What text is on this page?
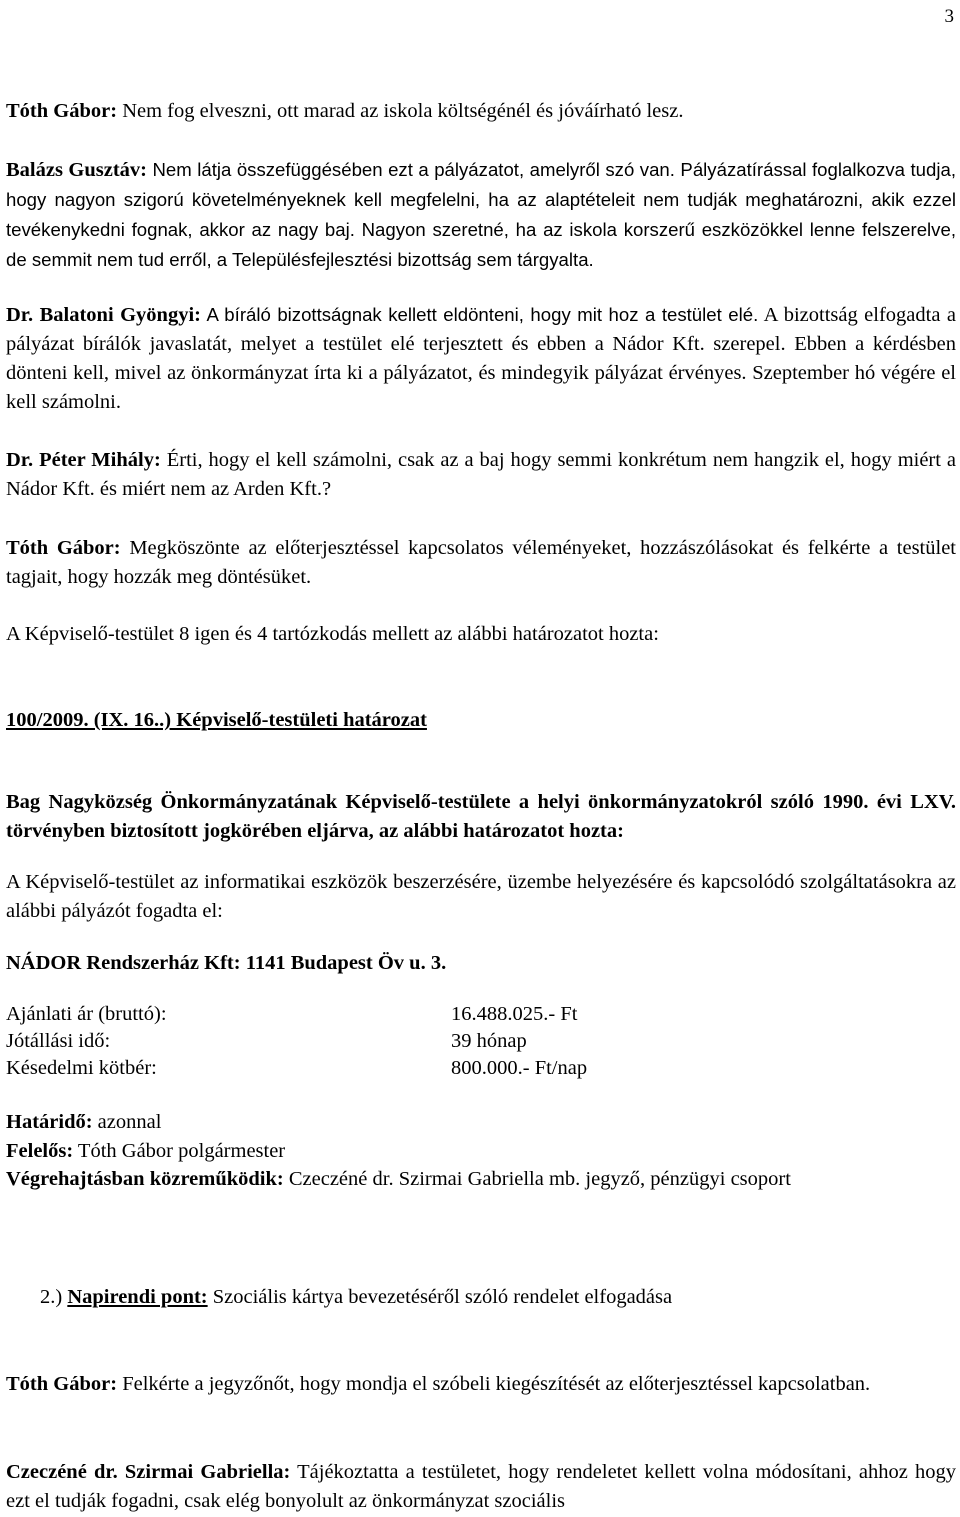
3

Tóth Gábor: Nem fog elveszni, ott marad az iskola költségénél és jóváírható lesz.

Balázs Gusztáv: Nem látja összefüggésében ezt a pályázatot, amelyről szó van. Pályázatírással foglalkozva tudja, hogy nagyon szigorú követelményeknek kell megfelelni, ha az alaptételeit nem tudják meghatározni, akik ezzel tevékenykedni fognak, akkor az nagy baj. Nagyon szeretné, ha az iskola korszerű eszközökkel lenne felszerelve, de semmit nem tud erről, a Településfejlesztési bizottság sem tárgyalta.

Dr. Balatoni Gyöngyi: A bíráló bizottságnak kellett eldönteni, hogy mit hoz a testület elé. A bizottság elfogadta a pályázat bírálók javaslatát, melyet a testület elé terjesztett és ebben a Nádor Kft. szerepel. Ebben a kérdésben dönteni kell, mivel az önkormányzat írta ki a pályázatot, és mindegyik pályázat érvényes. Szeptember hó végére el kell számolni.

Dr. Péter Mihály: Érti, hogy el kell számolni, csak az a baj hogy semmi konkrétum nem hangzik el, hogy miért a Nádor Kft. és miért nem az Arden Kft.?

Tóth Gábor: Megköszönte az előterjesztéssel kapcsolatos véleményeket, hozzászólásokat és felkérte a testület tagjait, hogy hozzák meg döntésüket.

A Képviselő-testület 8 igen és 4 tartózkodás mellett az alábbi határozatot hozta:

100/2009. (IX. 16..) Képviselő-testületi határozat

Bag Nagyközség Önkormányzatának Képviselő-testülete a helyi önkormányzatokról szóló 1990. évi LXV. törvényben biztosított jogkörében eljárva, az alábbi határozatot hozta:

A Képviselő-testület az informatikai eszközök beszerzésére, üzembe helyezésére és kapcsolódó szolgáltatásokra az alábbi pályázót fogadta el:

NÁDOR Rendszerház Kft: 1141 Budapest Öv u. 3.

Ajánlati ár (bruttó):	16.488.025.- Ft
Jótállási idő:	39 hónap
Késedelmi kötbér:	800.000.- Ft/nap

Határidő: azonnal

Felelős: Tóth Gábor polgármester

Végrehajtásban közreműködik: Czeczéné dr. Szirmai Gabriella mb. jegyző, pénzügyi csoport

2.) Napirendi pont: Szociális kártya bevezetéséről szóló rendelet elfogadása

Tóth Gábor: Felkérte a jegyzőnőt, hogy mondja el szóbeli kiegészítését az előterjesztéssel kapcsolatban.

Czeczéné dr. Szirmai Gabriella: Tájékoztatta a testületet, hogy rendeletet kellett volna módosítani, ahhoz hogy ezt el tudják fogadni, csak elég bonyolult az önkormányzat szociális
